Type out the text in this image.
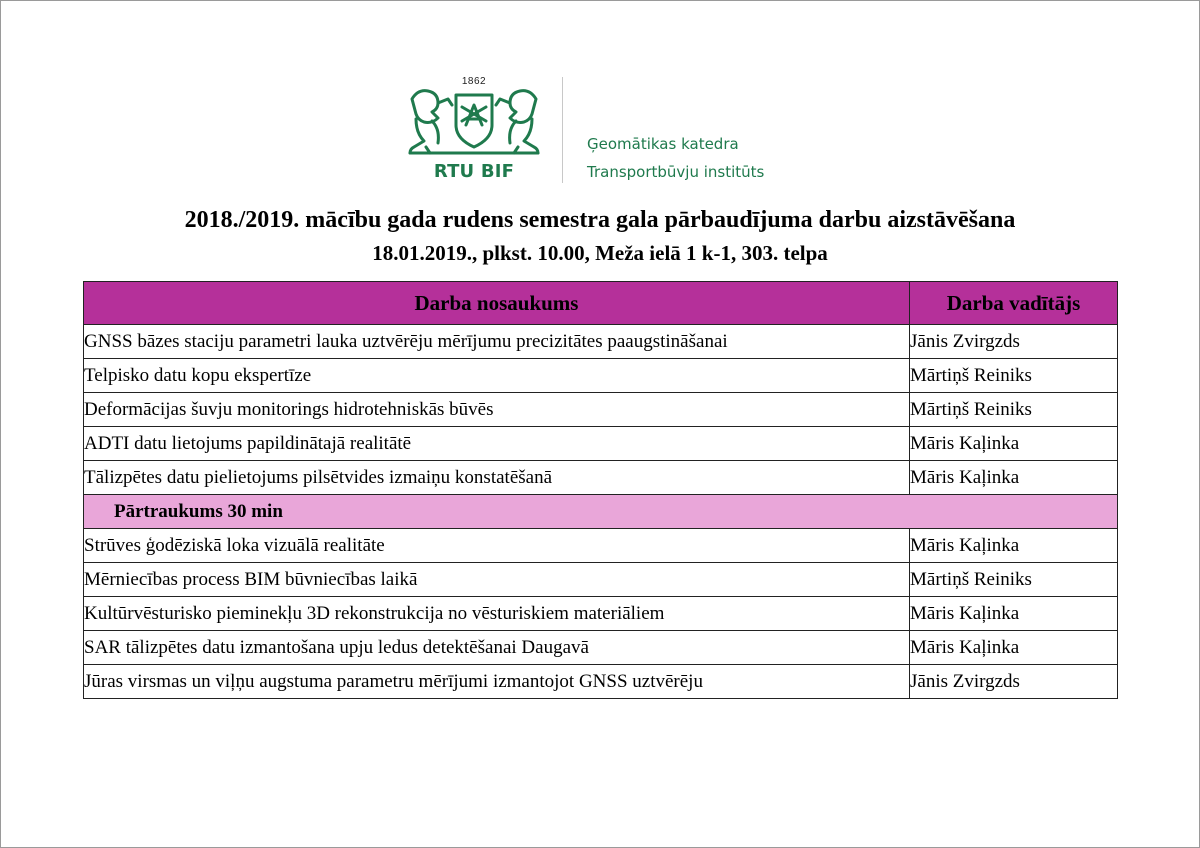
1862
RTU BIF
Ģeomātikas katedra
Transportbūvju institūts
2018./2019. mācību gada rudens semestra gala pārbaudījuma darbu aizstāvēšana
18.01.2019., plkst. 10.00, Meža ielā 1 k-1, 303. telpa
Darba nosaukums	Darba vadītājs
GNSS bāzes staciju parametri lauka uztvērēju mērījumu precizitātes paaugstināšanai	Jānis Zvirgzds
Telpisko datu kopu ekspertīze	Mārtiņš Reiniks
Deformācijas šuvju monitorings hidrotehniskās būvēs	Mārtiņš Reiniks
ADTI datu lietojums papildinātajā realitātē	Māris Kaļinka
Tālizpētes datu pielietojums pilsētvides izmaiņu konstatēšanā	Māris Kaļinka
Pārtraukums 30 min	
Strūves ģodēziskā loka vizuālā realitāte	Māris Kaļinka
Mērniecības process BIM būvniecības laikā	Mārtiņš Reiniks
Kultūrvēsturisko pieminekļu 3D rekonstrukcija no vēsturiskiem materiāliem	Māris Kaļinka
SAR tālizpētes datu izmantošana upju ledus detektēšanai Daugavā	Māris Kaļinka
Jūras virsmas un viļņu augstuma parametru mērījumi izmantojot GNSS uztvērēju	Jānis Zvirgzds
